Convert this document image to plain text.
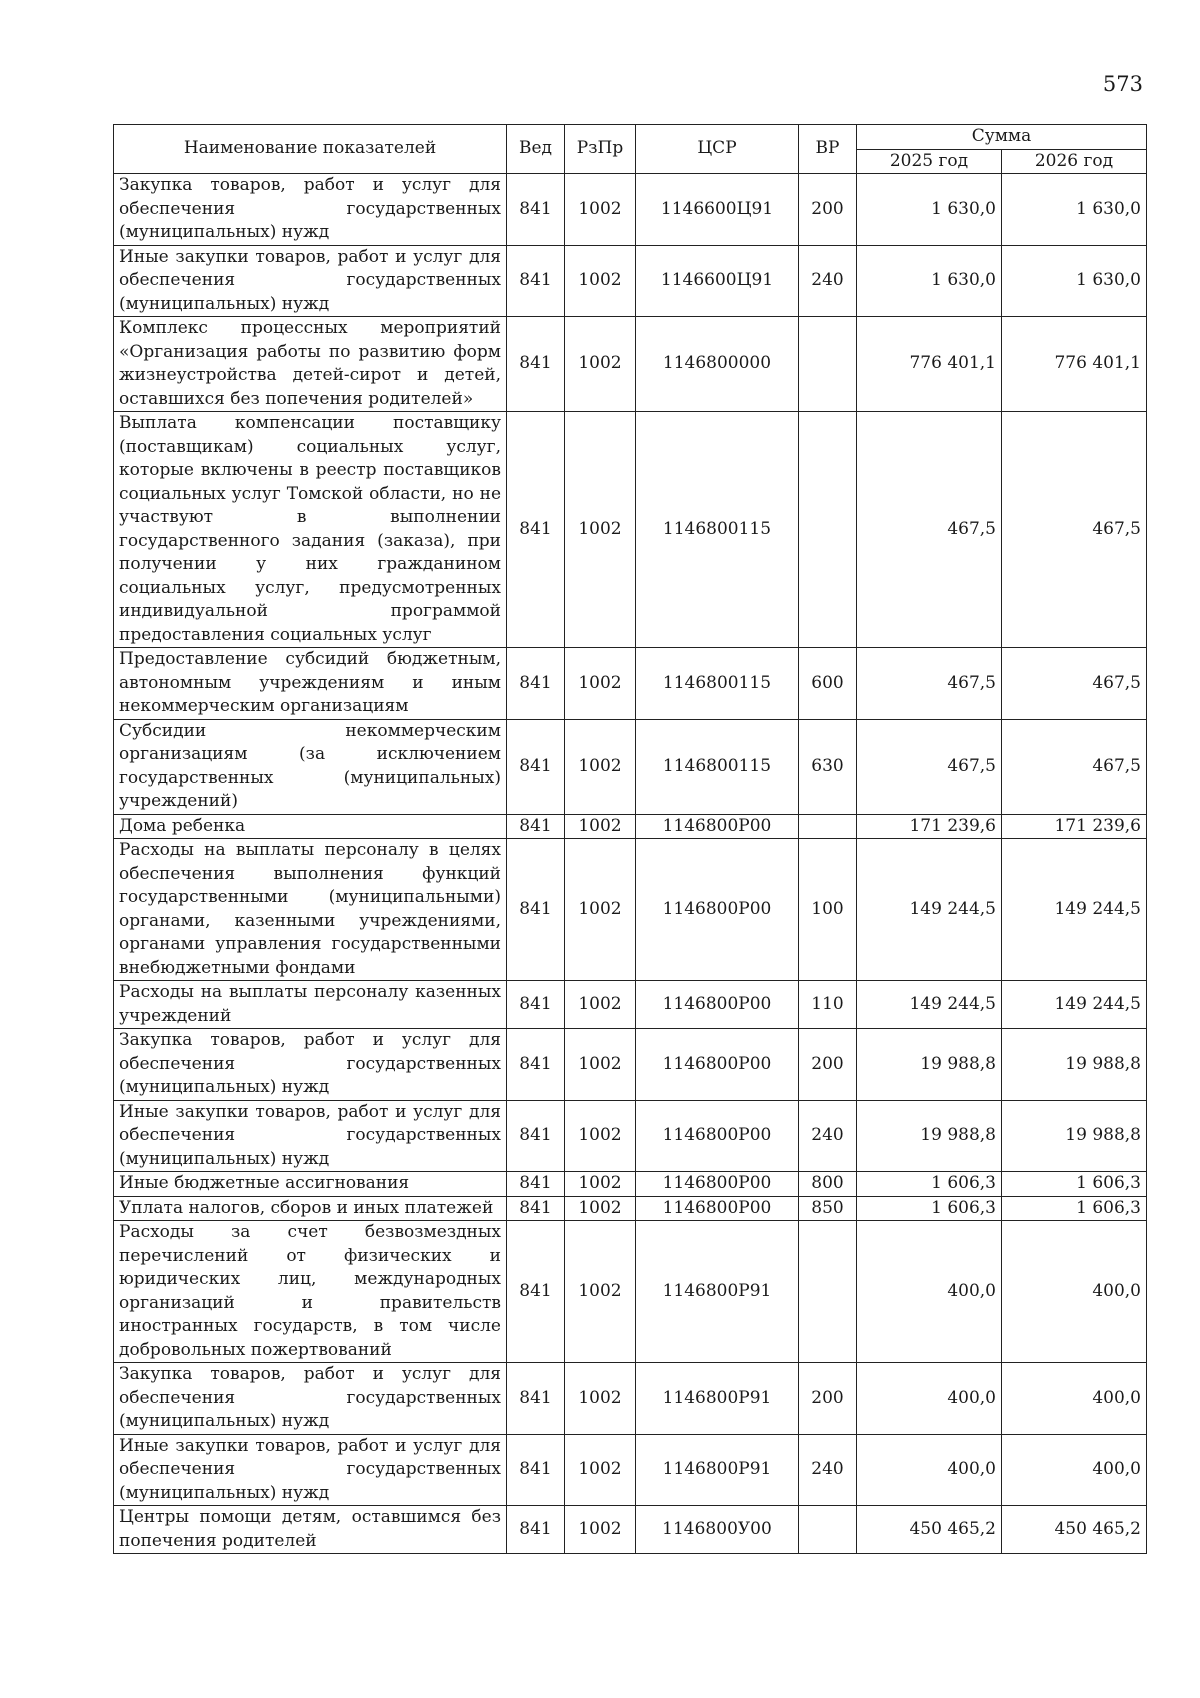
573
Наименование показателей	Вед	РзПр	ЦСР	ВР	Сумма	
					2025 год	2026 год
Закупка товаров, работ и услуг для обеспечения государственных (муниципальных) нужд	841	1002	1146600Ц91	200	1 630,0	1 630,0
Иные закупки товаров, работ и услуг для обеспечения государственных (муниципальных) нужд	841	1002	1146600Ц91	240	1 630,0	1 630,0
Комплекс процессных мероприятий «Организация работы по развитию форм жизнеустройства детей-сирот и детей, оставшихся без попечения родителей»	841	1002	1146800000		776 401,1	776 401,1
Выплата компенсации поставщику (поставщикам) социальных услуг, которые включены в реестр поставщиков социальных услуг Томской области, но не участвуют в выполнении государственного задания (заказа), при получении у них гражданином социальных услуг, предусмотренных индивидуальной программой предоставления социальных услуг	841	1002	1146800115		467,5	467,5
Предоставление субсидий бюджетным, автономным учреждениям и иным некоммерческим организациям	841	1002	1146800115	600	467,5	467,5
Субсидии некоммерческим организациям (за исключением государственных (муниципальных) учреждений)	841	1002	1146800115	630	467,5	467,5
Дома ребенка	841	1002	1146800Р00		171 239,6	171 239,6
Расходы на выплаты персоналу в целях обеспечения выполнения функций государственными (муниципальными) органами, казенными учреждениями, органами управления государственными внебюджетными фондами	841	1002	1146800Р00	100	149 244,5	149 244,5
Расходы на выплаты персоналу казенных учреждений	841	1002	1146800Р00	110	149 244,5	149 244,5
Закупка товаров, работ и услуг для обеспечения государственных (муниципальных) нужд	841	1002	1146800Р00	200	19 988,8	19 988,8
Иные закупки товаров, работ и услуг для обеспечения государственных (муниципальных) нужд	841	1002	1146800Р00	240	19 988,8	19 988,8
Иные бюджетные ассигнования	841	1002	1146800Р00	800	1 606,3	1 606,3
Уплата налогов, сборов и иных платежей	841	1002	1146800Р00	850	1 606,3	1 606,3
Расходы за счет безвозмездных перечислений от физических и юридических лиц, международных организаций и правительств иностранных государств, в том числе добровольных пожертвований	841	1002	1146800Р91		400,0	400,0
Закупка товаров, работ и услуг для обеспечения государственных (муниципальных) нужд	841	1002	1146800Р91	200	400,0	400,0
Иные закупки товаров, работ и услуг для обеспечения государственных (муниципальных) нужд	841	1002	1146800Р91	240	400,0	400,0
Центры помощи детям, оставшимся без попечения родителей	841	1002	1146800У00		450 465,2	450 465,2
